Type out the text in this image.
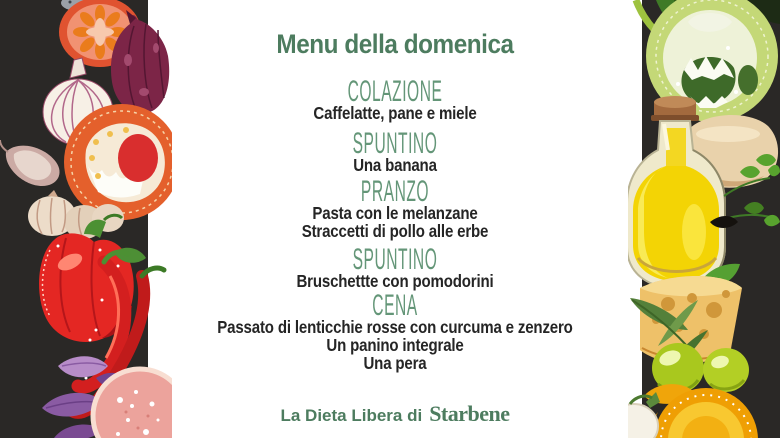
Menu della domenica
COLAZIONE
Caffelatte, pane e miele
SPUNTINO
Una banana
PRANZO
Pasta con le melanzane
Straccetti di pollo alle erbe
SPUNTINO
Bruschettte con pomodorini
CENA
Passato di lenticchie rosse con curcuma e zenzero
Un panino integrale
Una pera
La Dieta Libera di Starbene
